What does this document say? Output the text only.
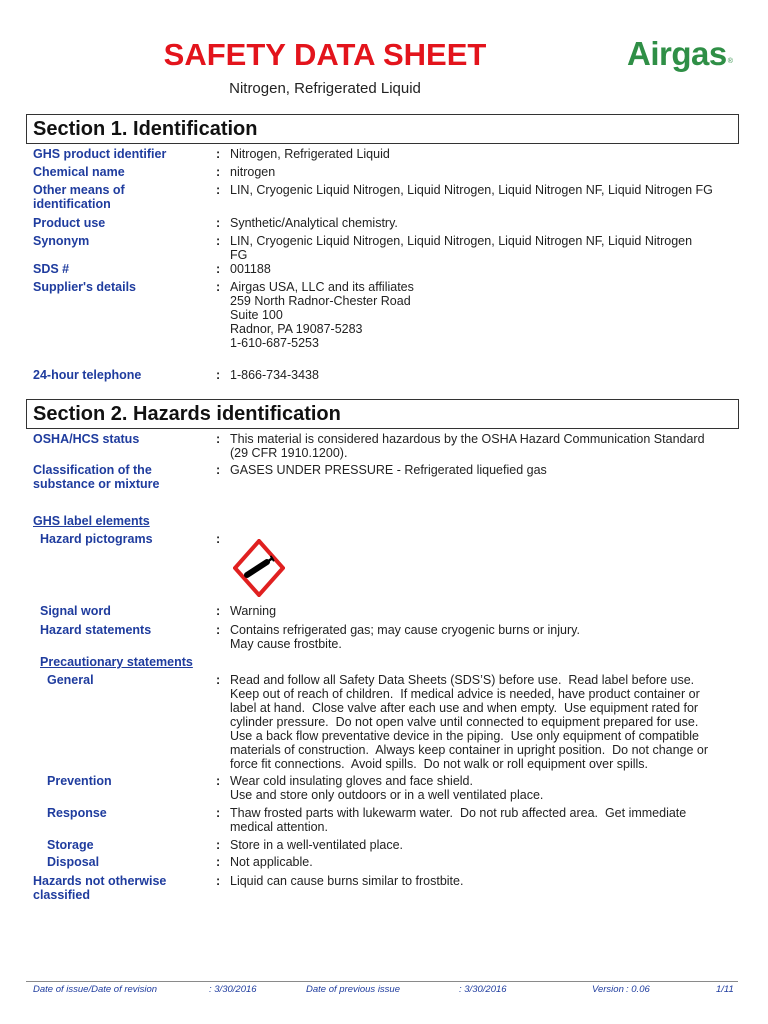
SAFETY DATA SHEET
Nitrogen, Refrigerated Liquid
Airgas®
Section 1. Identification
GHS product identifier	: Nitrogen, Refrigerated Liquid
Chemical name	: nitrogen
Other means of identification
: LIN, Cryogenic Liquid Nitrogen, Liquid Nitrogen, Liquid Nitrogen NF, Liquid Nitrogen FG
Product use	: Synthetic/Analytical chemistry.
Synonym	: LIN, Cryogenic Liquid Nitrogen, Liquid Nitrogen, Liquid Nitrogen NF, Liquid Nitrogen
FG
SDS #	: 001188
Supplier's details	: Airgas USA, LLC and its affiliates
259 North Radnor-Chester Road
Suite 100
Radnor, PA 19087-5283
1-610-687-5253
24-hour telephone	: 1-866-734-3438
Section 2. Hazards identification
OSHA/HCS status	: This material is considered hazardous by the OSHA Hazard Communication Standard
(29 CFR 1910.1200).
Classification of the substance or mixture
: GASES UNDER PRESSURE - Refrigerated liquefied gas
GHS label elements
Hazard pictograms	:
Signal word	: Warning
Hazard statements	: Contains refrigerated gas; may cause cryogenic burns or injury.
May cause frostbite.
Precautionary statements
General	: Read and follow all Safety Data Sheets (SDS’S) before use.  Read label before use.
Keep out of reach of children.  If medical advice is needed, have product container or
label at hand.  Close valve after each use and when empty.  Use equipment rated for
cylinder pressure.  Do not open valve until connected to equipment prepared for use.
Use a back flow preventative device in the piping.  Use only equipment of compatible
materials of construction.  Always keep container in upright position.  Do not change or
force fit connections.  Avoid spills.  Do not walk or roll equipment over spills.
Prevention	: Wear cold insulating gloves and face shield.
Use and store only outdoors or in a well ventilated place.
Response	: Thaw frosted parts with lukewarm water.  Do not rub affected area.  Get immediate
medical attention.
Storage	: Store in a well-ventilated place.
Disposal	: Not applicable.
Hazards not otherwise classified
: Liquid can cause burns similar to frostbite.
Date of issue/Date of revision	: 3/30/2016	Date of previous issue	: 3/30/2016	Version : 0.06	1/11
